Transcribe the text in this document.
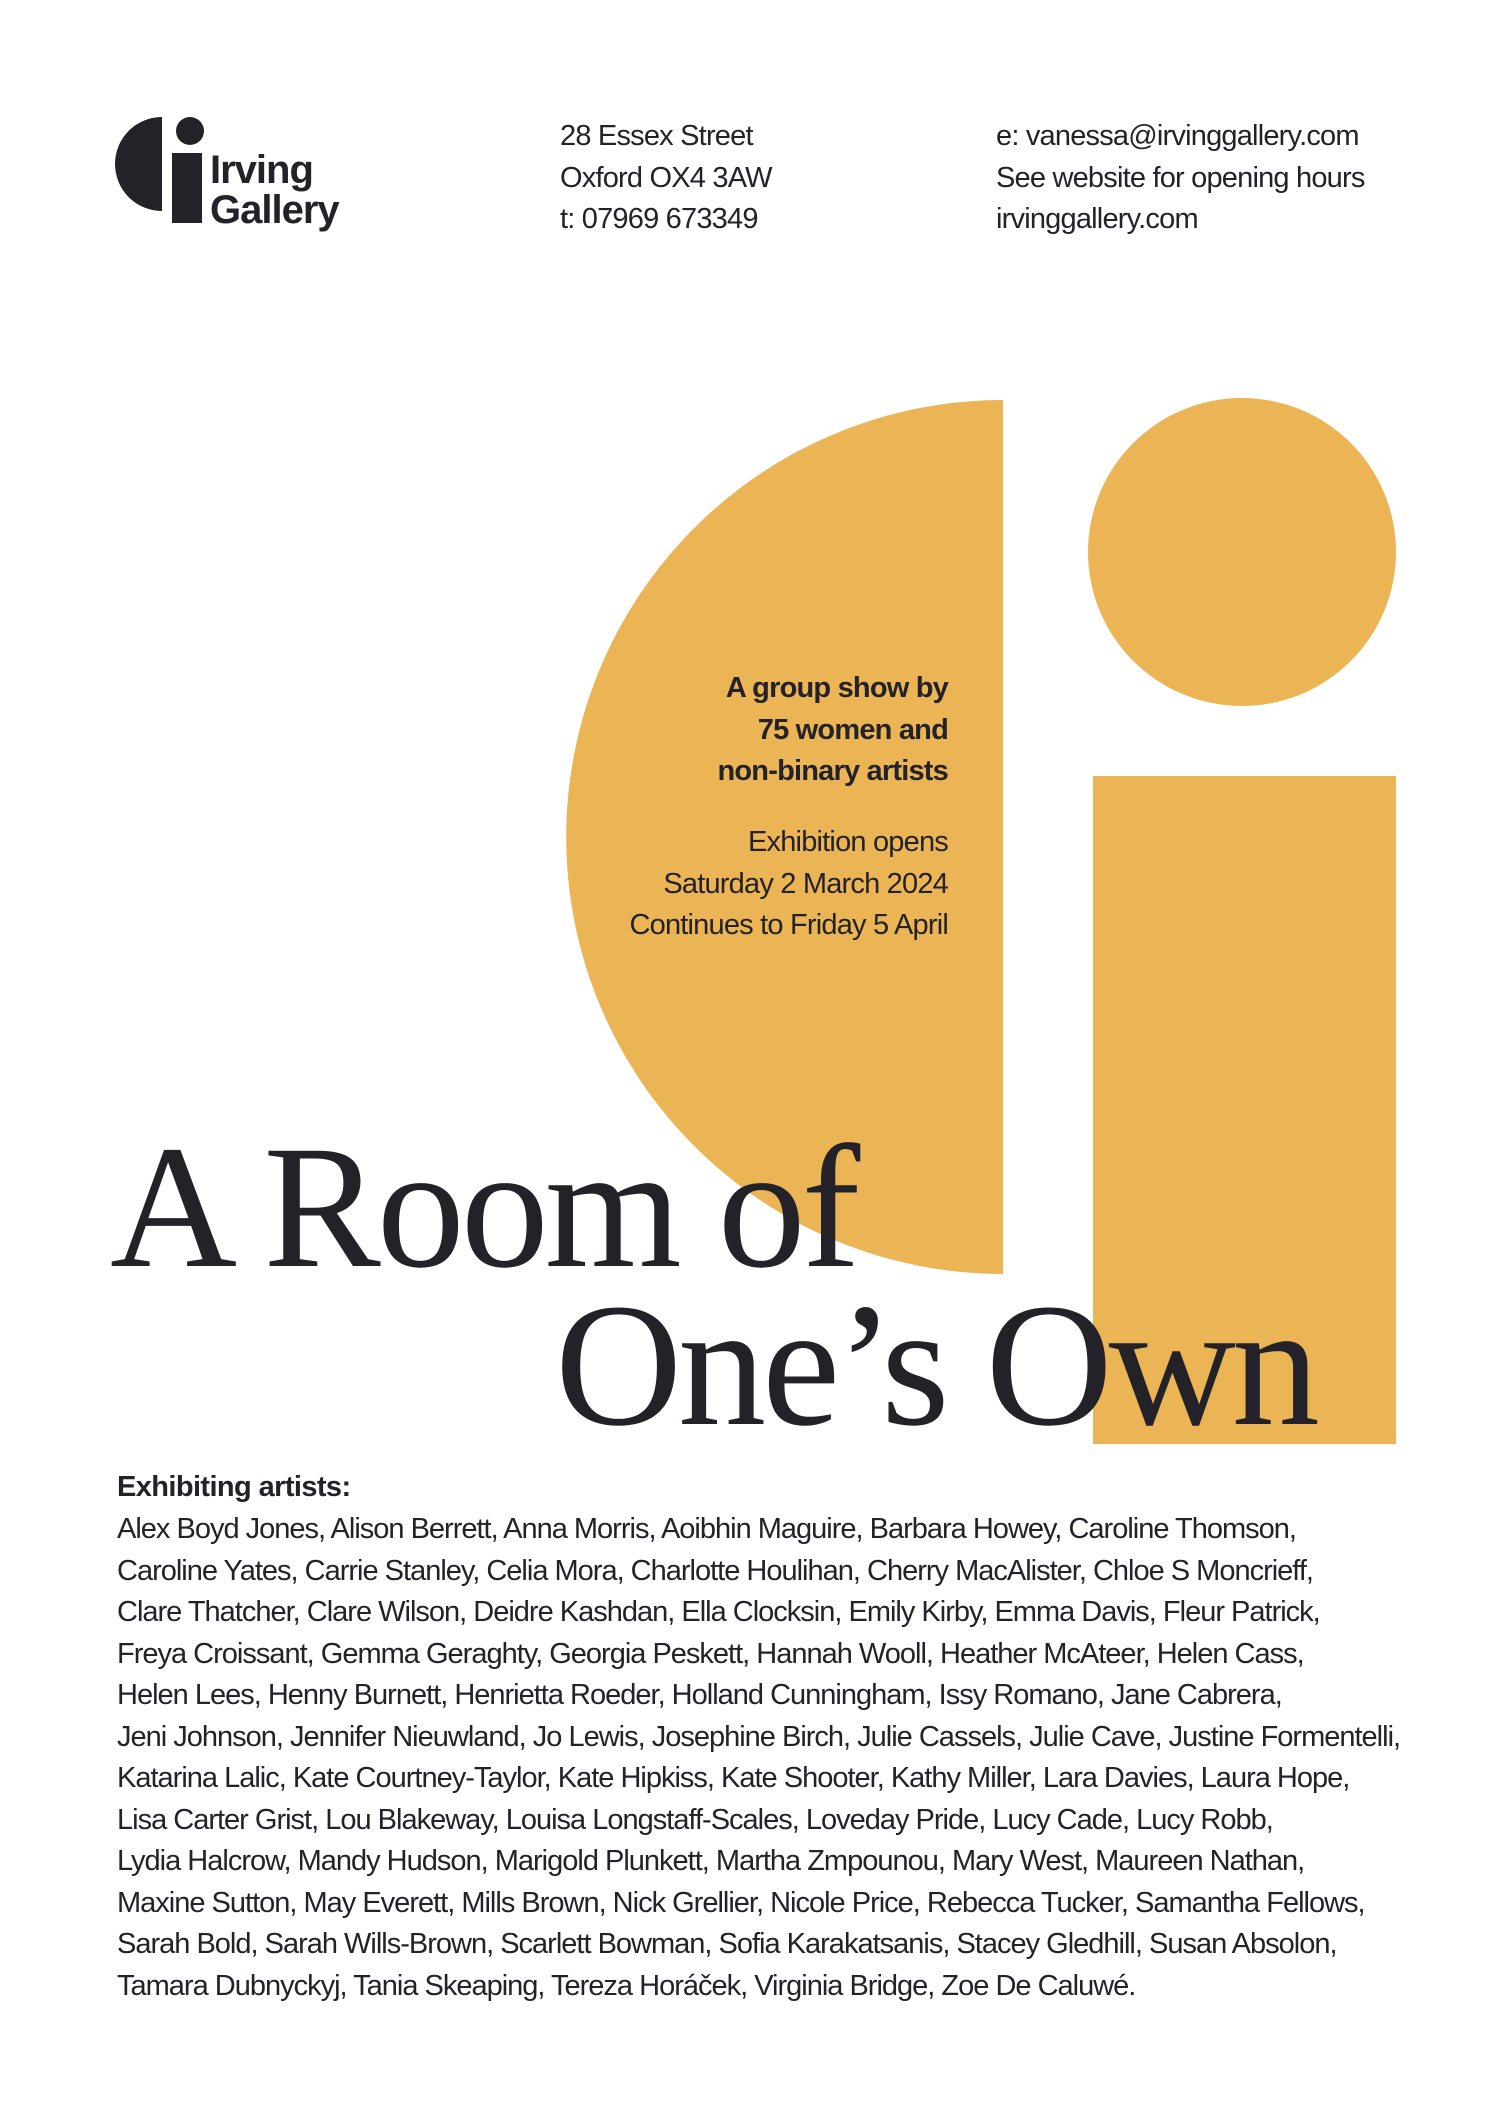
Irving
Gallery
28 Essex Street
Oxford OX4 3AW
t: 07969 673349
e: vanessa@irvinggallery.com
See website for opening hours
irvinggallery.com
A group show by
75 women and
non-binary artists
Exhibition opens
Saturday 2 March 2024
Continues to Friday 5 April
A Room of
One’s Own
Exhibiting artists:
Alex Boyd Jones, Alison Berrett, Anna Morris, Aoibhin Maguire, Barbara Howey, Caroline Thomson,
Caroline Yates, Carrie Stanley, Celia Mora, Charlotte Houlihan, Cherry MacAlister, Chloe S Moncrieff,
Clare Thatcher, Clare Wilson, Deidre Kashdan, Ella Clocksin, Emily Kirby, Emma Davis, Fleur Patrick,
Freya Croissant, Gemma Geraghty, Georgia Peskett, Hannah Wooll, Heather McAteer, Helen Cass,
Helen Lees, Henny Burnett, Henrietta Roeder, Holland Cunningham, Issy Romano, Jane Cabrera,
Jeni Johnson, Jennifer Nieuwland, Jo Lewis, Josephine Birch, Julie Cassels, Julie Cave, Justine Formentelli,
Katarina Lalic, Kate Courtney-Taylor, Kate Hipkiss, Kate Shooter, Kathy Miller, Lara Davies, Laura Hope,
Lisa Carter Grist, Lou Blakeway, Louisa Longstaff-Scales, Loveday Pride, Lucy Cade, Lucy Robb,
Lydia Halcrow, Mandy Hudson, Marigold Plunkett, Martha Zmpounou, Mary West, Maureen Nathan,
Maxine Sutton, May Everett, Mills Brown, Nick Grellier, Nicole Price, Rebecca Tucker, Samantha Fellows,
Sarah Bold, Sarah Wills-Brown, Scarlett Bowman, Sofia Karakatsanis, Stacey Gledhill, Susan Absolon,
Tamara Dubnyckyj, Tania Skeaping, Tereza Horáček, Virginia Bridge, Zoe De Caluwé.
